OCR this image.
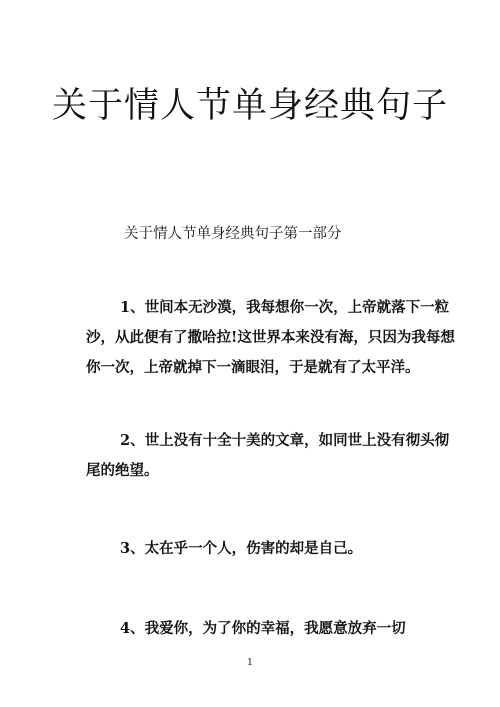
关于情人节单身经典句子
关于情人节单身经典句子第一部分

1、世间本无沙漠，我每想你一次，上帝就落下一粒
沙，从此便有了撒哈拉!这世界本来没有海，只因为我每想
你一次，上帝就掉下一滴眼泪，于是就有了太平洋。

2、世上没有十全十美的文章，如同世上没有彻头彻
尾的绝望。

3、太在乎一个人，伤害的却是自己。

4、我爱你，为了你的幸福，我愿意放弃一切

1
